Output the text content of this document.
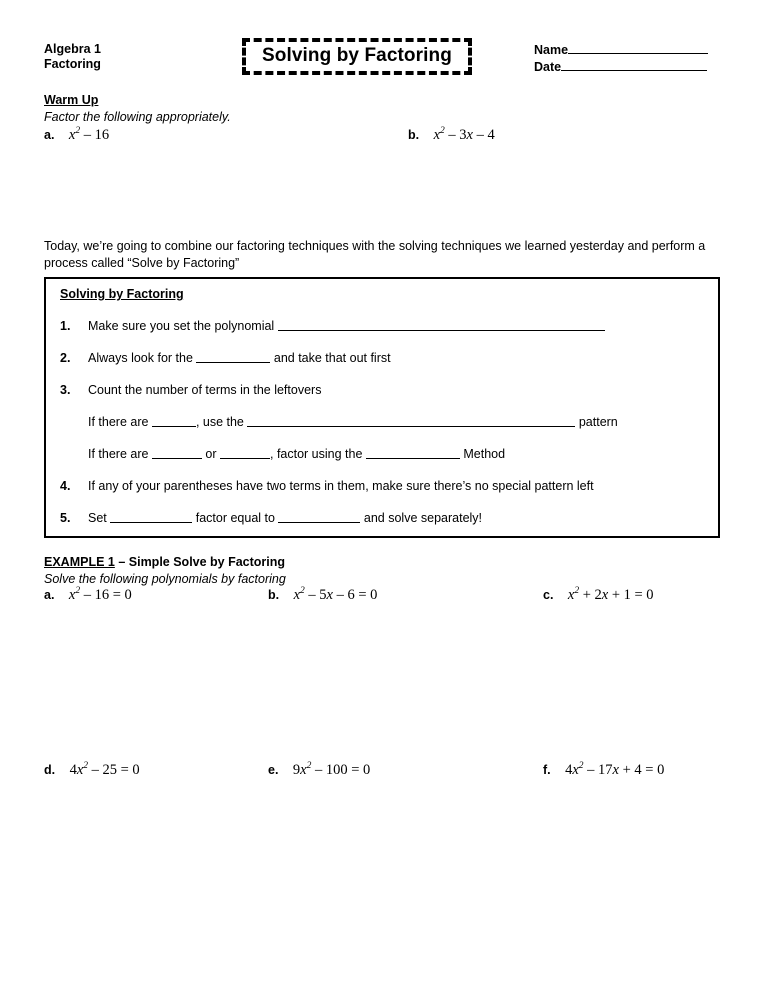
Algebra 1
Factoring	Solving by Factoring	Name
Date
Warm Up
Factor the following appropriately.
a. $x^2 - 16$	b. $x^2 - 3x - 4$
Today, we’re going to combine our factoring techniques with the solving techniques we learned yesterday and perform a process called “Solve by Factoring”
Solving by Factoring
1. Make sure you set the polynomial
2. Always look for the	and take that out first
3. Count the number of terms in the leftovers
If there are	, use the	pattern
If there are	or	, factor using the	Method
4. If any of your parentheses have two terms in them, make sure there’s no special pattern left
5. Set	factor equal to	and solve separately!
EXAMPLE 1 – Simple Solve by Factoring
Solve the following polynomials by factoring
a. $x^2 - 16 = 0$	b. $x^2 - 5x - 6 = 0$	c. $x^2 + 2x + 1 = 0$
d. $4x^2 - 25 = 0$	e. $9x^2 - 100 = 0$	f. $4x^2 - 17x + 4 = 0$
